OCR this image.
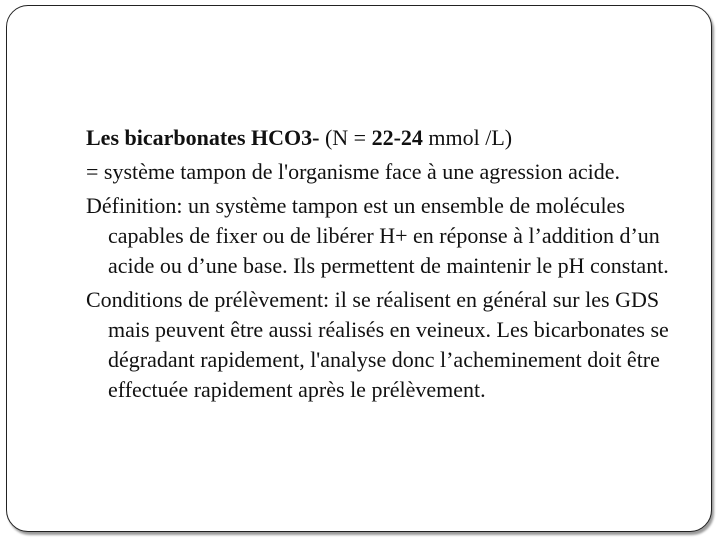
Les bicarbonates HCO3- (N = 22-24 mmol /L)

= système tampon de l'organisme face à une agression acide.

Définition: un système tampon est un ensemble de molécules capables de fixer ou de libérer H+ en réponse à l’addition d’un acide ou d’une base. Ils permettent de maintenir le pH constant.

Conditions de prélèvement: il se réalisent en général sur les GDS mais peuvent être aussi réalisés en veineux. Les bicarbonates se dégradant rapidement, l'analyse donc l’acheminement doit être effectuée rapidement après le prélèvement.
